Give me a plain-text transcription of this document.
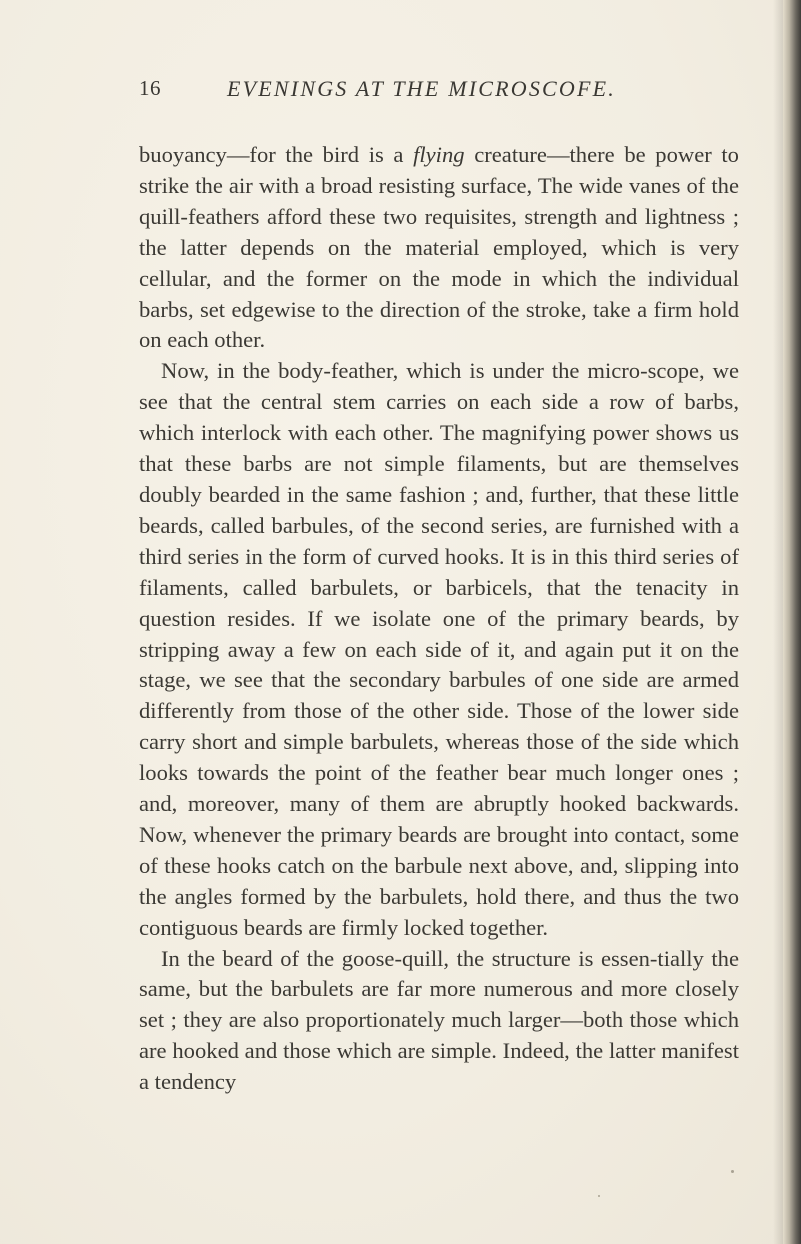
16	EVENINGS AT THE MICROSCOFE.

buoyancy—for the bird is a flying creature—there be power to strike the air with a broad resisting surface, The wide vanes of the quill-feathers afford these two requisites, strength and lightness ; the latter depends on the material employed, which is very cellular, and the former on the mode in which the individual barbs, set edgewise to the direction of the stroke, take a firm hold on each other.

Now, in the body-feather, which is under the micro-scope, we see that the central stem carries on each side a row of barbs, which interlock with each other. The magnifying power shows us that these barbs are not simple filaments, but are themselves doubly bearded in the same fashion ; and, further, that these little beards, called barbules, of the second series, are furnished with a third series in the form of curved hooks. It is in this third series of filaments, called barbulets, or barbicels, that the tenacity in question resides. If we isolate one of the primary beards, by stripping away a few on each side of it, and again put it on the stage, we see that the secondary barbules of one side are armed differently from those of the other side. Those of the lower side carry short and simple barbulets, whereas those of the side which looks towards the point of the feather bear much longer ones ; and, moreover, many of them are abruptly hooked backwards. Now, whenever the primary beards are brought into contact, some of these hooks catch on the barbule next above, and, slipping into the angles formed by the barbulets, hold there, and thus the two contiguous beards are firmly locked together.

In the beard of the goose-quill, the structure is essen-tially the same, but the barbulets are far more numerous and more closely set ; they are also proportionately much larger—both those which are hooked and those which are simple. Indeed, the latter manifest a tendency
